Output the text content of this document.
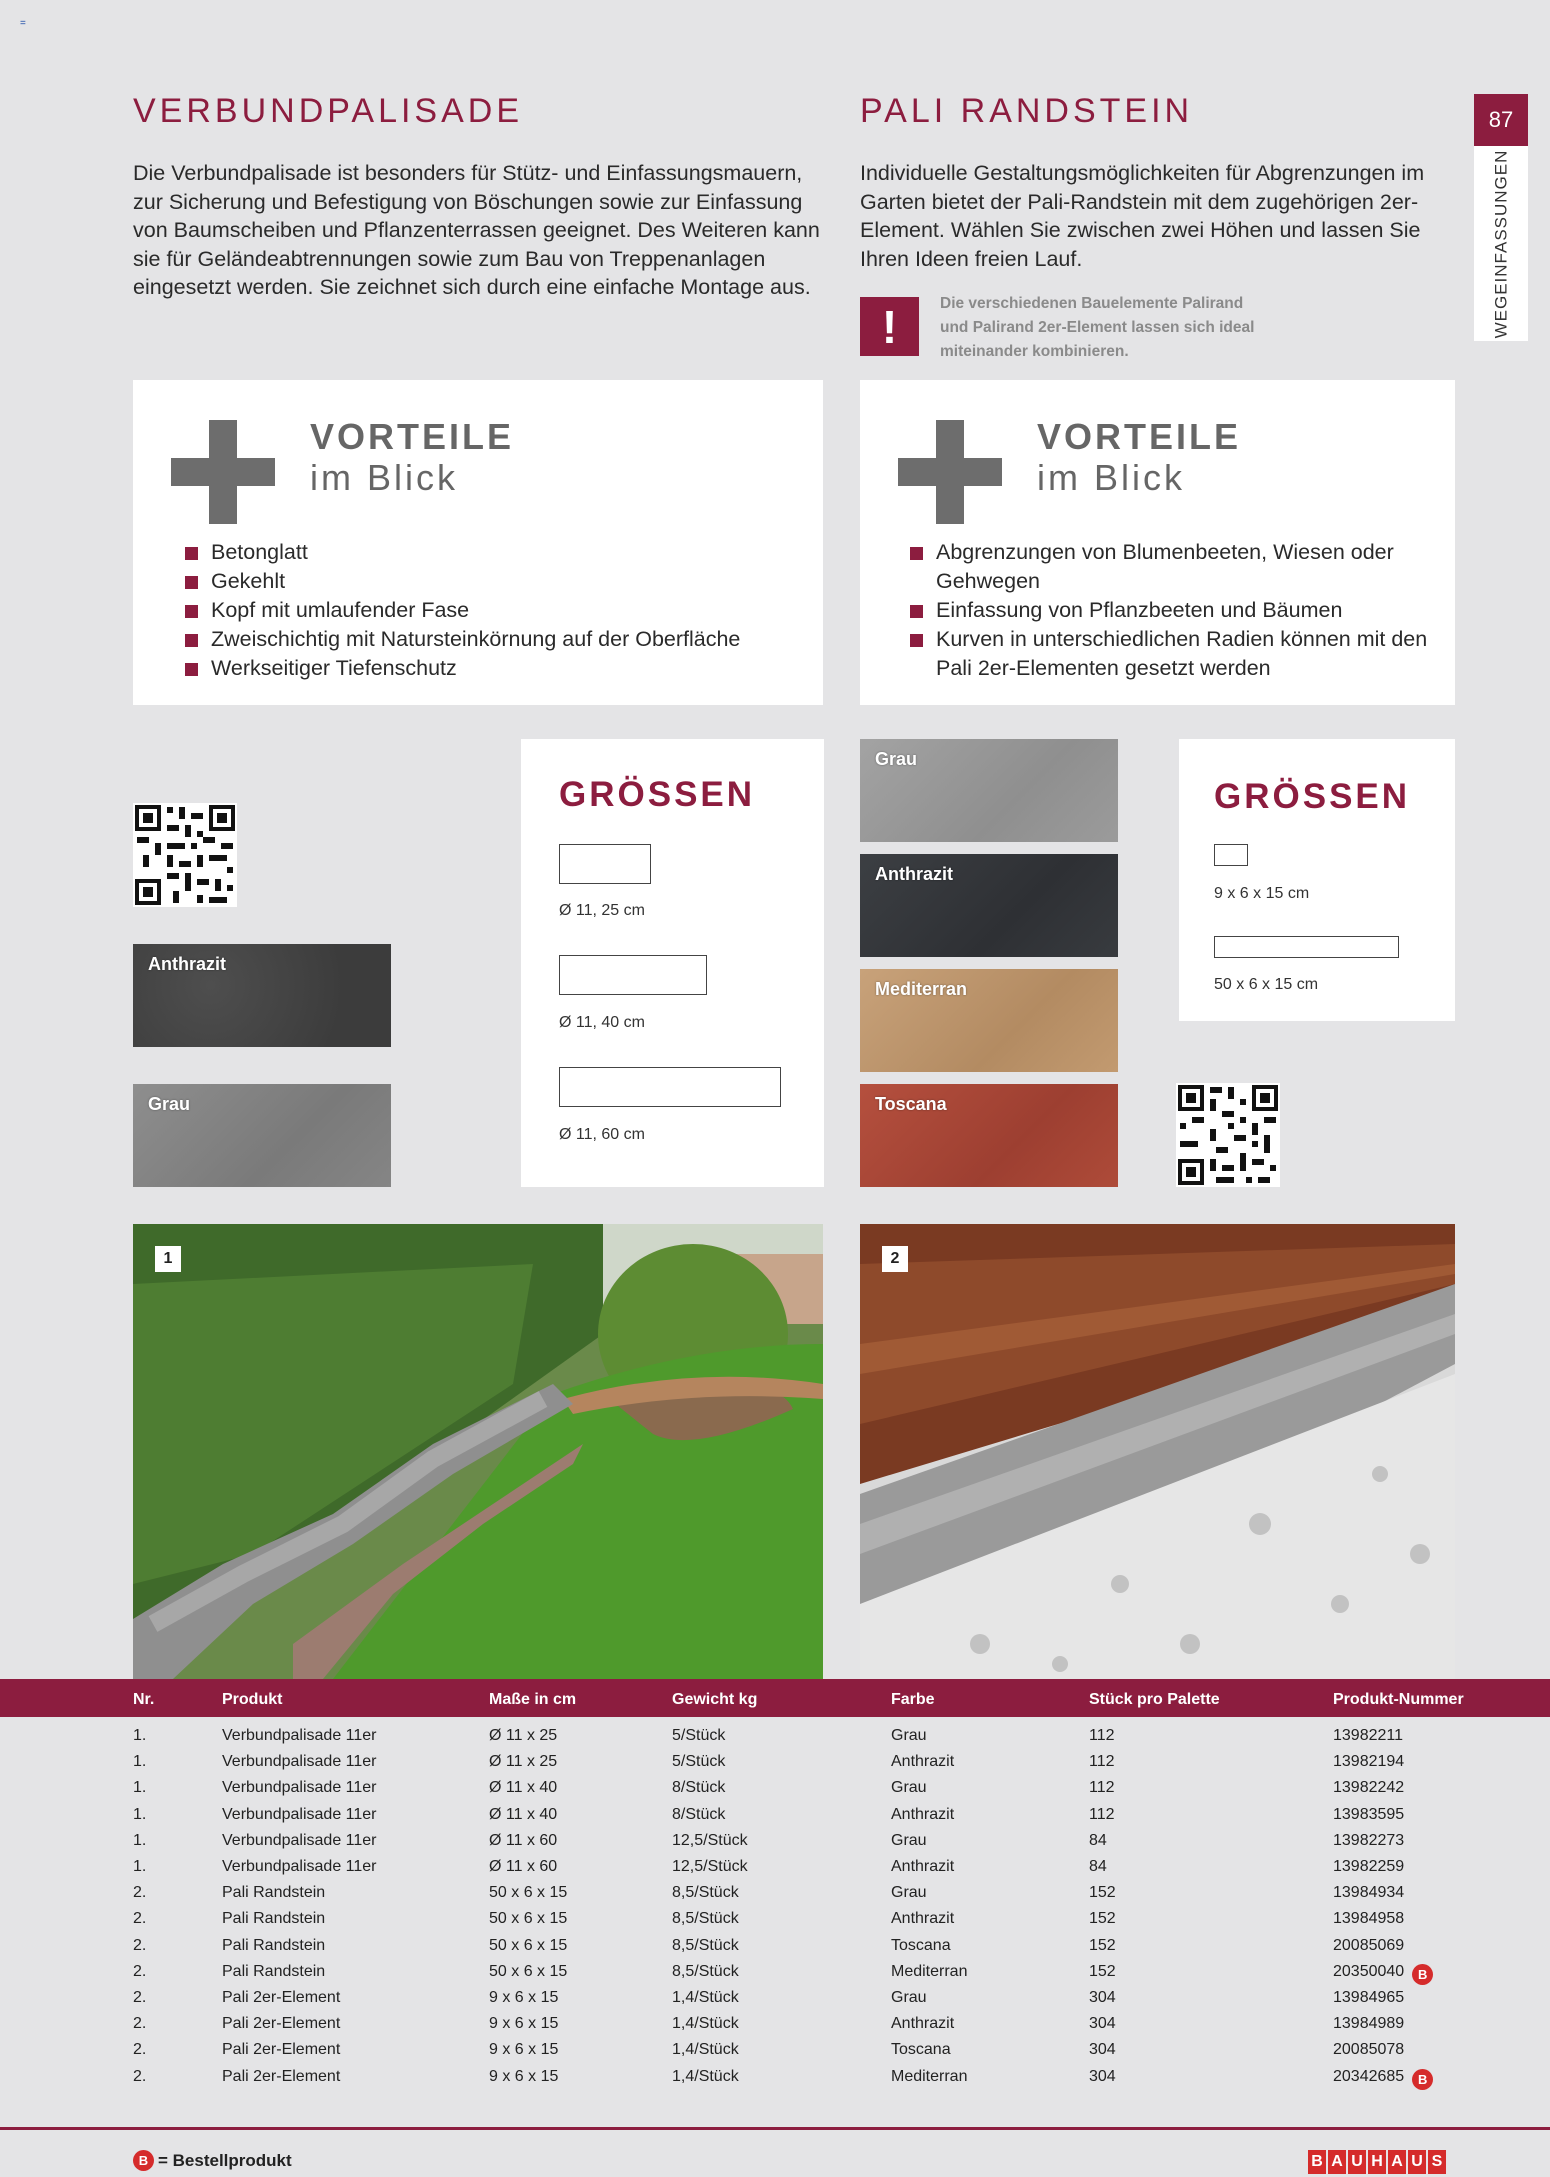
=
VERBUNDPALISADE
Die Verbundpalisade ist besonders für Stütz- und Einfassungsmauern,
zur Sicherung und Befestigung von Böschungen sowie zur Einfassung
von Baumscheiben und Pflanzenterrassen geeignet. Des Weiteren kann
sie für Geländeabtrennungen sowie zum Bau von Treppenanlagen
eingesetzt werden. Sie zeichnet sich durch eine einfache Montage aus.
PALI RANDSTEIN
Individuelle Gestaltungsmöglichkeiten für Abgrenzungen im
Garten bietet der Pali-Randstein mit dem zugehörigen 2er-
Element. Wählen Sie zwischen zwei Höhen und lassen Sie
Ihren Ideen freien Lauf.
!	Die verschiedenen Bauelemente Palirand
und Palirand 2er-Element lassen sich ideal
miteinander kombinieren.
87
WEGEINFASSUNGEN
VORTEILE
im Blick
Betonglatt
Gekehlt
Kopf mit umlaufender Fase
Zweischichtig mit Natursteinkörnung auf der Oberfläche
Werkseitiger Tiefenschutz
VORTEILE
im Blick
Abgrenzungen von Blumenbeeten, Wiesen oder Gehwegen
Einfassung von Pflanzbeeten und Bäumen
Kurven in unterschiedlichen Radien können mit den Pali 2er-Elementen gesetzt werden
Anthrazit
Grau
GRÖSSEN
Ø 11, 25 cm
Ø 11, 40 cm
Ø 11, 60 cm
Grau
Anthrazit
Mediterran
Toscana
GRÖSSEN
9 x 6 x 15 cm
50 x 6 x 15 cm
1	2
Nr.	Produkt	Maße in cm	Gewicht kg	Farbe	Stück pro Palette	Produkt-Nummer
1.	Verbundpalisade 11er	Ø 11 x 25	5/Stück	Grau	112	13982211
1.	Verbundpalisade 11er	Ø 11 x 25	5/Stück	Anthrazit	112	13982194
1.	Verbundpalisade 11er	Ø 11 x 40	8/Stück	Grau	112	13982242
1.	Verbundpalisade 11er	Ø 11 x 40	8/Stück	Anthrazit	112	13983595
1.	Verbundpalisade 11er	Ø 11 x 60	12,5/Stück	Grau	84	13982273
1.	Verbundpalisade 11er	Ø 11 x 60	12,5/Stück	Anthrazit	84	13982259
2.	Pali Randstein	50 x 6 x 15	8,5/Stück	Grau	152	13984934
2.	Pali Randstein	50 x 6 x 15	8,5/Stück	Anthrazit	152	13984958
2.	Pali Randstein	50 x 6 x 15	8,5/Stück	Toscana	152	20085069
2.	Pali Randstein	50 x 6 x 15	8,5/Stück	Mediterran	152	20350040 B
2.	Pali 2er-Element	9 x 6 x 15	1,4/Stück	Grau	304	13984965
2.	Pali 2er-Element	9 x 6 x 15	1,4/Stück	Anthrazit	304	13984989
2.	Pali 2er-Element	9 x 6 x 15	1,4/Stück	Toscana	304	20085078
2.	Pali 2er-Element	9 x 6 x 15	1,4/Stück	Mediterran	304	20342685 B
B = Bestellprodukt	B A U H A U S
